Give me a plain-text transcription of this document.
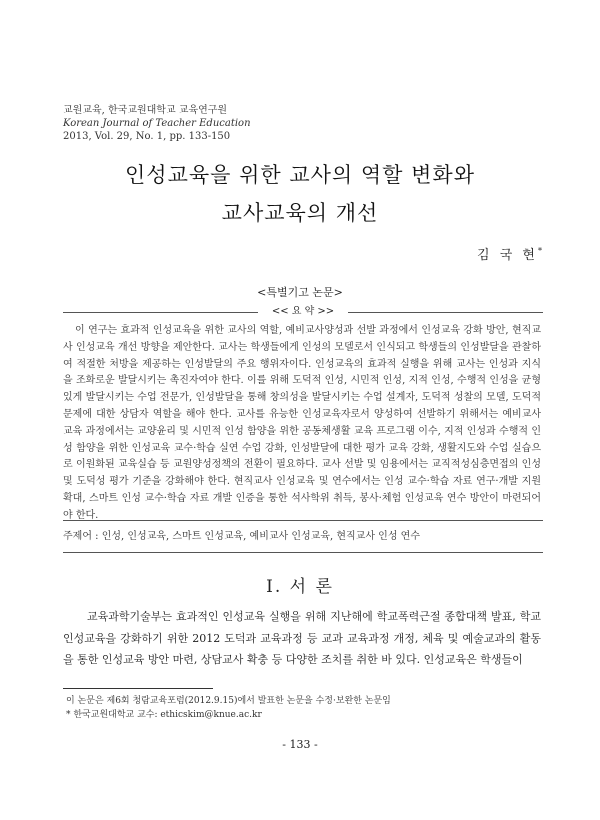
교원교육, 한국교원대학교 교육연구원
Korean Journal of Teacher Education
2013, Vol. 29, No. 1, pp. 133-150
인성교육을 위한 교사의 역할 변화와
교사교육의 개선
김 국 현*
<특별기고 논문>
<< 요 약 >>
이 연구는 효과적 인성교육을 위한 교사의 역할, 예비교사양성과 선발 과정에서 인성교육 강화 방안, 현직교사 인성교육 개선 방향을 제안한다. 교사는 학생들에게 인성의 모델로서 인식되고 학생들의 인성발달을 관찰하여 적절한 처방을 제공하는 인성발달의 주요 행위자이다. 인성교육의 효과적 실행을 위해 교사는 인성과 지식을 조화로운 발달시키는 촉진자여야 한다. 이를 위해 도덕적 인성, 시민적 인성, 지적 인성, 수행적 인성을 균형 있게 발달시키는 수업 전문가, 인성발달을 통해 창의성을 발달시키는 수업 설계자, 도덕적 성찰의 모델, 도덕적 문제에 대한 상담자 역할을 해야 한다. 교사를 유능한 인성교육자로서 양성하여 선발하기 위해서는 예비교사 교육 과정에서는 교양윤리 및 시민적 인성 함양을 위한 공동체생활 교육 프로그램 이수, 지적 인성과 수행적 인성 함양을 위한 인성교육 교수·학습 실연 수업 강화, 인성발달에 대한 평가 교육 강화, 생활지도와 수업 실습으로 이원화된 교육실습 등 교원양성정책의 전환이 필요하다. 교사 선발 및 임용에서는 교직적성심층면접의 인성 및 도덕성 평가 기준을 강화해야 한다. 현직교사 인성교육 및 연수에서는 인성 교수·학습 자료 연구·개발 지원 확대, 스마트 인성 교수·학습 자료 개발 인증을 통한 석사학위 취득, 봉사·체험 인성교육 연수 방안이 마련되어야 한다.
주제어 : 인성, 인성교육, 스마트 인성교육, 예비교사 인성교육, 현직교사 인성 연수
Ⅰ. 서 론
교육과학기술부는 효과적인 인성교육 실행을 위해 지난해에 학교폭력근절 종합대책 발표, 학교 인성교육을 강화하기 위한 2012 도덕과 교육과정 등 교과 교육과정 개정, 체육 및 예술교과의 활동을 통한 인성교육 방안 마련, 상담교사 확충 등 다양한 조치를 취한 바 있다. 인성교육은 학생들이
이 논문은 제6회 청람교육포럼(2012.9.15)에서 발표한 논문을 수정·보완한 논문임
* 한국교원대학교 교수: ethicskim@knue.ac.kr
- 133 -
